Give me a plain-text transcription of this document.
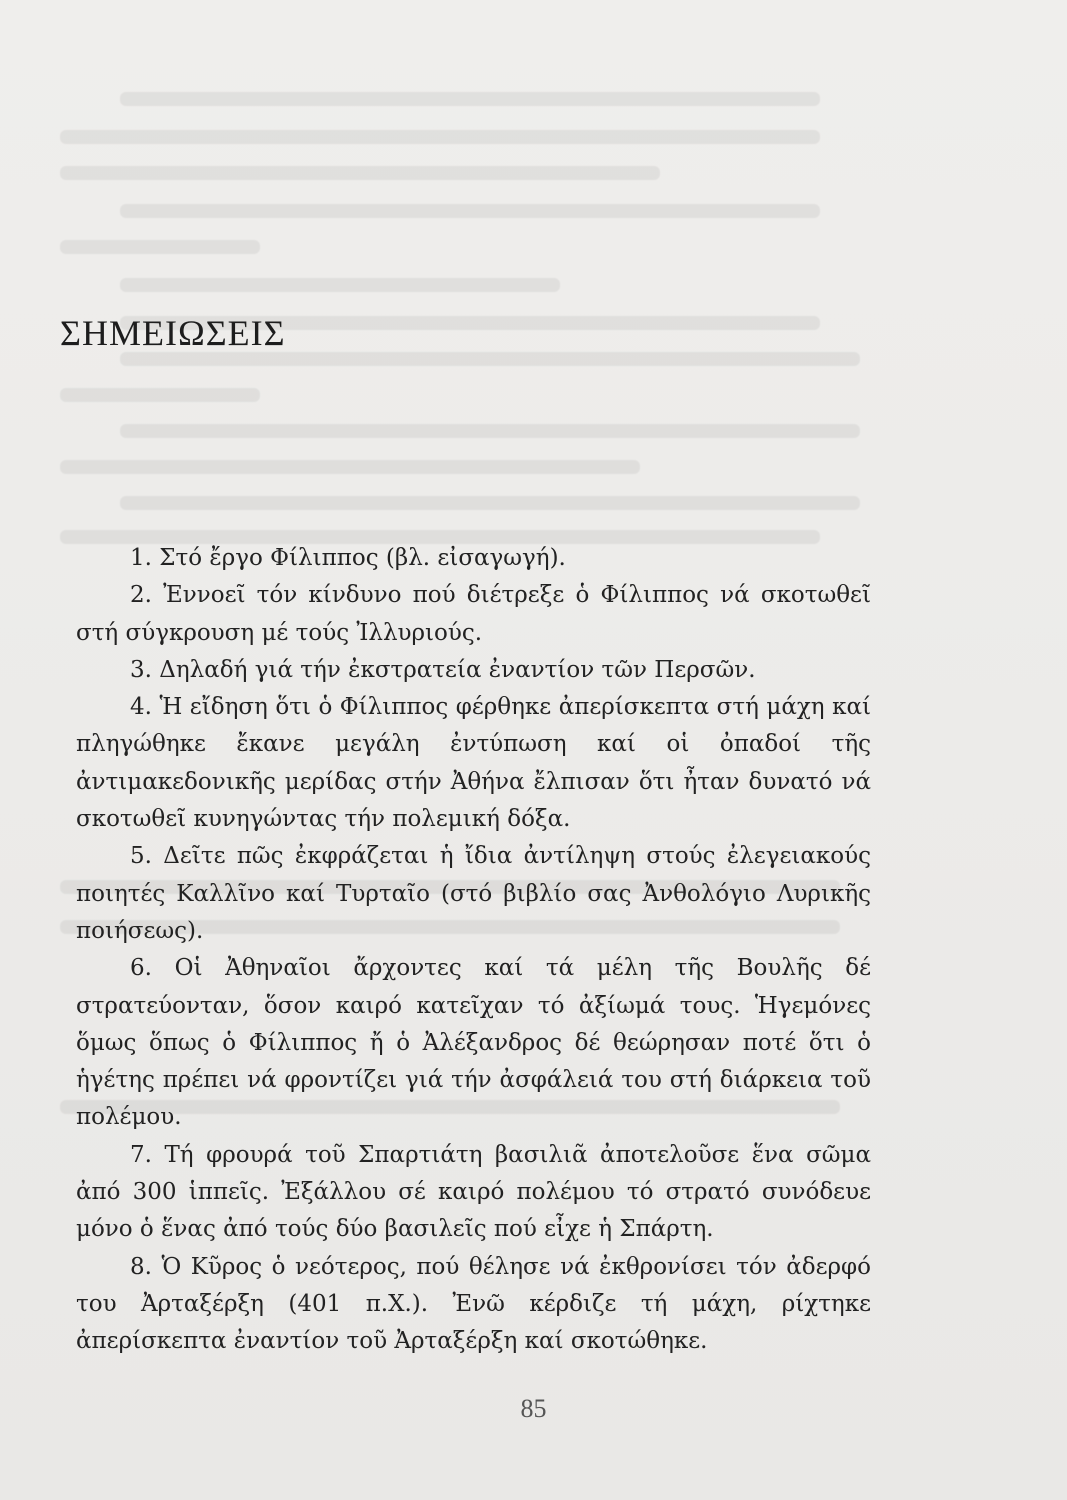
ΣΗΜΕΙΩΣΕΙΣ
1. Στό ἔργο Φίλιππος (βλ. εἰσαγωγή).
2. Ἐννοεῖ τόν κίνδυνο πού διέτρεξε ὁ Φίλιππος νά σκοτωθεῖ στή σύγκρουση μέ τούς Ἰλλυριούς.
3. Δηλαδή γιά τήν ἐκστρατεία ἐναντίον τῶν Περσῶν.
4. Ἡ εἴδηση ὅτι ὁ Φίλιππος φέρθηκε ἀπερίσκεπτα στή μάχη καί πληγώθηκε ἔκανε μεγάλη ἐντύπωση καί οἱ ὀπαδοί τῆς ἀντιμακεδονικῆς μερίδας στήν Ἀθήνα ἔλπισαν ὅτι ἦταν δυνατό νά σκοτωθεῖ κυνηγώντας τήν πολεμική δόξα.
5. Δεῖτε πῶς ἐκφράζεται ἡ ἴδια ἀντίληψη στούς ἐλεγειακούς ποιητές Καλλῖνο καί Τυρταῖο (στό βιβλίο σας Ἀνθολόγιο Λυρικῆς ποιήσεως).
6. Οἱ Ἀθηναῖοι ἄρχοντες καί τά μέλη τῆς Βουλῆς δέ στρατεύονταν, ὅσον καιρό κατεῖχαν τό ἀξίωμά τους. Ἡγεμόνες ὅμως ὅπως ὁ Φίλιππος ἤ ὁ Ἀλέξανδρος δέ θεώρησαν ποτέ ὅτι ὁ ἡγέτης πρέπει νά φροντίζει γιά τήν ἀσφάλειά του στή διάρκεια τοῦ πολέμου.
7. Τή φρουρά τοῦ Σπαρτιάτη βασιλιᾶ ἀποτελοῦσε ἕνα σῶμα ἀπό 300 ἱππεῖς. Ἐξάλλου σέ καιρό πολέμου τό στρατό συνόδευε μόνο ὁ ἕνας ἀπό τούς δύο βασιλεῖς πού εἶχε ἡ Σπάρτη.
8. Ὁ Κῦρος ὁ νεότερος, πού θέλησε νά ἐκθρονίσει τόν ἀδερφό του Ἀρταξέρξη (401 π.Χ.). Ἐνῶ κέρδιζε τή μάχη, ρίχτηκε ἀπερίσκεπτα ἐναντίον τοῦ Ἀρταξέρξη καί σκοτώθηκε.
85
